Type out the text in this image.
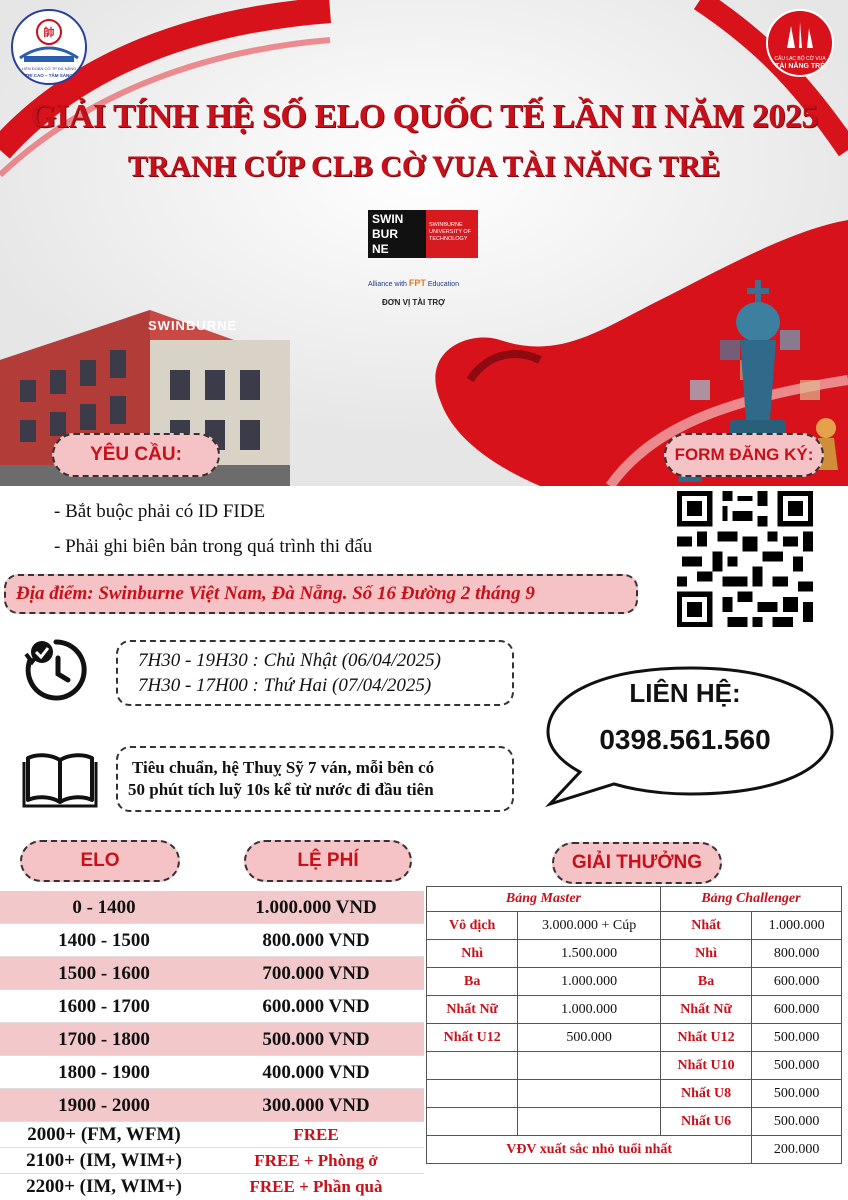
SWINBURNE
帥
LIÊN ĐOÀN CỜ TP ĐÀ NẴNG
TRÍ CAO – TÂM SÁNG
CÂU LẠC BỘ CỜ VUA
TÀI NĂNG TRẺ
GIẢI TÍNH HỆ SỐ ELO QUỐC TẾ LẦN II NĂM 2025
TRANH CÚP CLB CỜ VUA TÀI NĂNG TRẺ
SWIN
BUR
NE
SWINBURNE UNIVERSITY OF TECHNOLOGY
Alliance with FPT Education
ĐƠN VỊ TÀI TRỢ
YÊU CẦU:	FORM ĐĂNG KÝ:
- Bắt buộc phải có ID FIDE
- Phải ghi biên bản trong quá trình thi đấu
Địa điểm: Swinburne Việt Nam, Đà Nẵng. Số 16 Đường 2 tháng 9
7H30 - 19H30 : Chủ Nhật (06/04/2025)
7H30 - 17H00 : Thứ Hai (07/04/2025)
Tiêu chuẩn, hệ Thuỵ Sỹ 7 ván, mỗi bên có
50 phút tích luỹ 10s kể từ nước đi đầu tiên
LIÊN HỆ:
0398.561.560
ELO	LỆ PHÍ	GIẢI THƯỞNG
0 - 1400	1.000.000 VND
1400 - 1500	800.000 VND
1500 - 1600	700.000 VND
1600 - 1700	600.000 VND
1700 - 1800	500.000 VND
1800 - 1900	400.000 VND
1900 - 2000	300.000 VND
2000+ (FM, WFM)	FREE
2100+ (IM, WIM+)	FREE + Phòng ở
2200+ (IM, WIM+)	FREE + Phần quà
Bảng Master		Bảng Challenger	
Vô địch	3.000.000 + Cúp	Nhất	1.000.000
Nhì	1.500.000	Nhì	800.000
Ba	1.000.000	Ba	600.000
Nhất Nữ	1.000.000	Nhất Nữ	600.000
Nhất U12	500.000	Nhất U12	500.000
		Nhất U10	500.000
		Nhất U8	500.000
		Nhất U6	500.000
VĐV xuất sắc nhỏ tuổi nhất			200.000
